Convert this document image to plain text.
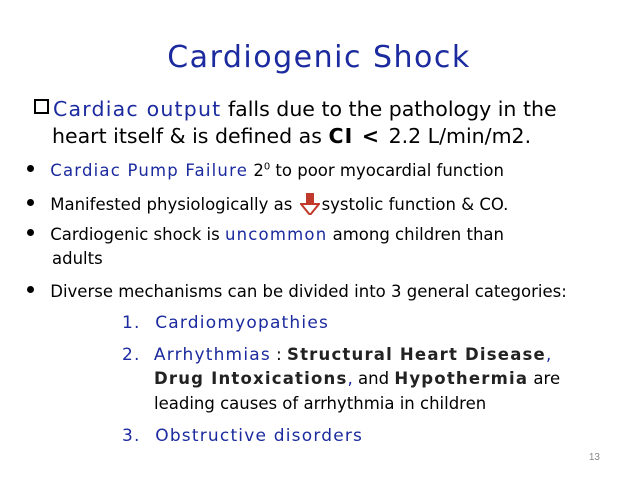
Cardiogenic Shock
Cardiac output falls due to the pathology in the
heart itself & is defined as CI < 2.2 L/min/m2.
Cardiac Pump Failure $2^0$ to poor myocardial function
Manifested physiologically as systolic function & CO.
Cardiogenic shock is uncommon among children than
adults
Diverse mechanisms can be divided into 3 general categories:
1. Cardiomyopathies
2. Arrhythmias : Structural Heart Disease,
Drug Intoxications, and Hypothermia are
leading causes of arrhythmia in children
3. Obstructive disorders
13
